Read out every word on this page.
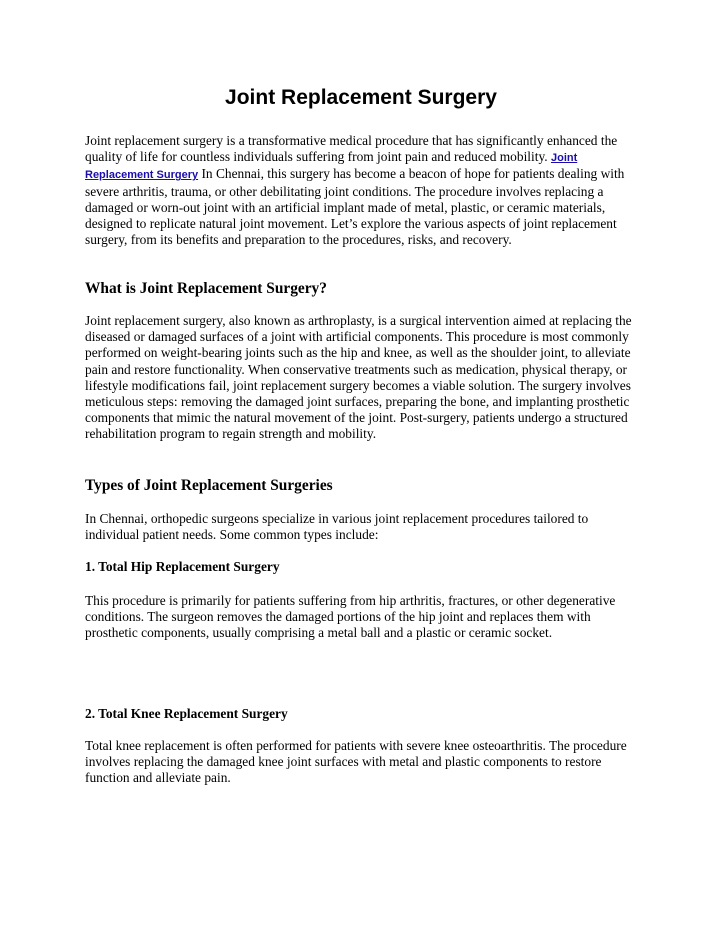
Joint Replacement Surgery

Joint replacement surgery is a transformative medical procedure that has significantly enhanced the quality of life for countless individuals suffering from joint pain and reduced mobility. Joint Replacement Surgery In Chennai, this surgery has become a beacon of hope for patients dealing with severe arthritis, trauma, or other debilitating joint conditions. The procedure involves replacing a damaged or worn-out joint with an artificial implant made of metal, plastic, or ceramic materials, designed to replicate natural joint movement. Let’s explore the various aspects of joint replacement surgery, from its benefits and preparation to the procedures, risks, and recovery.

What is Joint Replacement Surgery?

Joint replacement surgery, also known as arthroplasty, is a surgical intervention aimed at replacing the diseased or damaged surfaces of a joint with artificial components. This procedure is most commonly performed on weight-bearing joints such as the hip and knee, as well as the shoulder joint, to alleviate pain and restore functionality. When conservative treatments such as medication, physical therapy, or lifestyle modifications fail, joint replacement surgery becomes a viable solution. The surgery involves meticulous steps: removing the damaged joint surfaces, preparing the bone, and implanting prosthetic components that mimic the natural movement of the joint. Post-surgery, patients undergo a structured rehabilitation program to regain strength and mobility.

Types of Joint Replacement Surgeries

In Chennai, orthopedic surgeons specialize in various joint replacement procedures tailored to individual patient needs. Some common types include:

1. Total Hip Replacement Surgery

This procedure is primarily for patients suffering from hip arthritis, fractures, or other degenerative conditions. The surgeon removes the damaged portions of the hip joint and replaces them with prosthetic components, usually comprising a metal ball and a plastic or ceramic socket.

2. Total Knee Replacement Surgery

Total knee replacement is often performed for patients with severe knee osteoarthritis. The procedure involves replacing the damaged knee joint surfaces with metal and plastic components to restore function and alleviate pain.
